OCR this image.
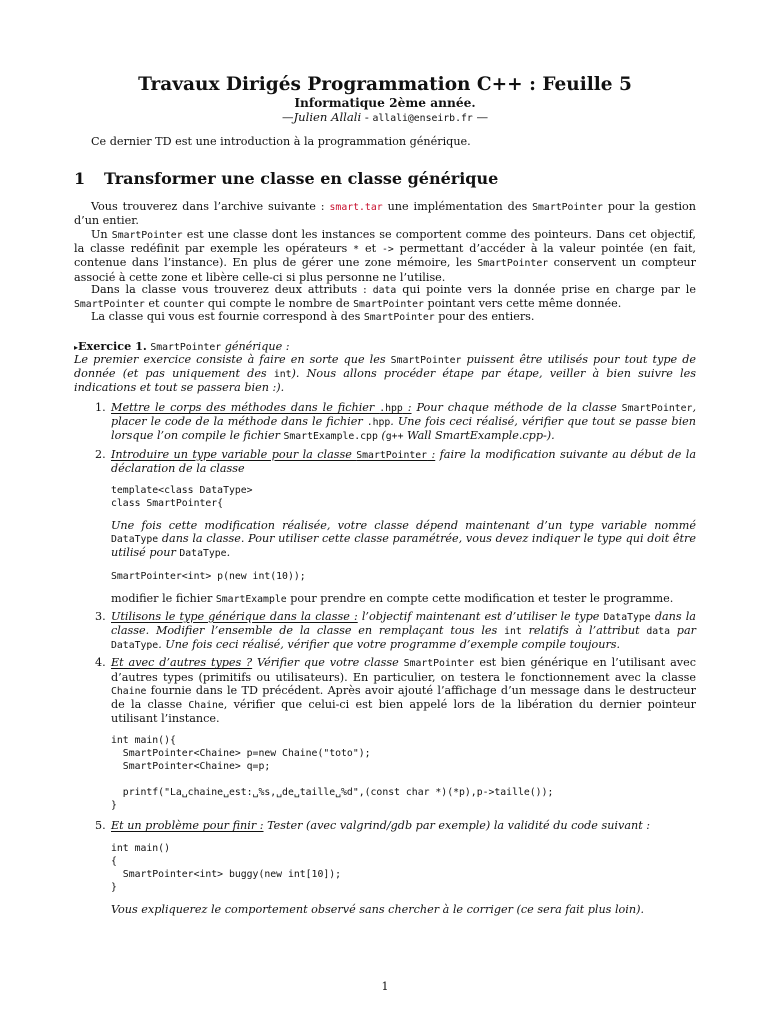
Travaux Dirigés Programmation C++ : Feuille 5
Informatique 2ème année.
—Julien Allali - allali@enseirb.fr —
Ce dernier TD est une introduction à la programmation générique.
1 Transformer une classe en classe générique
Vous trouverez dans l’archive suivante : smart.tar une implémentation des SmartPointer pour la gestion d’un entier.
Un SmartPointer est une classe dont les instances se comportent comme des pointeurs. Dans cet objectif, la classe redéfinit par exemple les opérateurs * et -> permettant d’accéder à la valeur pointée (en fait, contenue dans l’instance). En plus de gérer une zone mémoire, les SmartPointer conservent un compteur associé à cette zone et libère celle-ci si plus personne ne l’utilise.
Dans la classe vous trouverez deux attributs : data qui pointe vers la donnée prise en charge par le SmartPointer et counter qui compte le nombre de SmartPointer pointant vers cette même donnée.
La classe qui vous est fournie correspond à des SmartPointer pour des entiers.
▸Exercice 1. SmartPointer générique :
Le premier exercice consiste à faire en sorte que les SmartPointer puissent être utilisés pour tout type de donnée (et pas uniquement des int). Nous allons procéder étape par étape, veiller à bien suivre les indications et tout se passera bien :).
1. Mettre le corps des méthodes dans le fichier .hpp : Pour chaque méthode de la classe SmartPointer, placer le code de la méthode dans le fichier .hpp. Une fois ceci réalisé, vérifier que tout se passe bien lorsque l’on compile le fichier SmartExample.cpp (g++ Wall SmartExample.cpp-).
2. Introduire un type variable pour la classe SmartPointer : faire la modification suivante au début de la déclaration de la classe
template<class DataType>
class SmartPointer{
Une fois cette modification réalisée, votre classe dépend maintenant d’un type variable nommé DataType dans la classe. Pour utiliser cette classe paramétrée, vous devez indiquer le type qui doit être utilisé pour DataType.
SmartPointer<int> p(new int(10));
modifier le fichier SmartExample pour prendre en compte cette modification et tester le programme.
3. Utilisons le type générique dans la classe : l’objectif maintenant est d’utiliser le type DataType dans la classe. Modifier l’ensemble de la classe en remplaçant tous les int relatifs à l’attribut data par DataType. Une fois ceci réalisé, vérifier que votre programme d’exemple compile toujours.
4. Et avec d’autres types ? Vérifier que votre classe SmartPointer est bien générique en l’utilisant avec d’autres types (primitifs ou utilisateurs). En particulier, on testera le fonctionnement avec la classe Chaine fournie dans le TD précédent. Après avoir ajouté l’affichage d’un message dans le destructeur de la classe Chaine, vérifier que celui-ci est bien appelé lors de la libération du dernier pointeur utilisant l’instance.
int main(){
SmartPointer<Chaine> p=new Chaine("toto");
SmartPointer<Chaine> q=p;

printf("La␣chaine␣est:␣%s,␣de␣taille␣%d",(const char *)(*p),p->taille());
}
5. Et un problème pour finir : Tester (avec valgrind/gdb par exemple) la validité du code suivant :
int main()
{
SmartPointer<int> buggy(new int[10]);
}
Vous expliquerez le comportement observé sans chercher à le corriger (ce sera fait plus loin).
1
